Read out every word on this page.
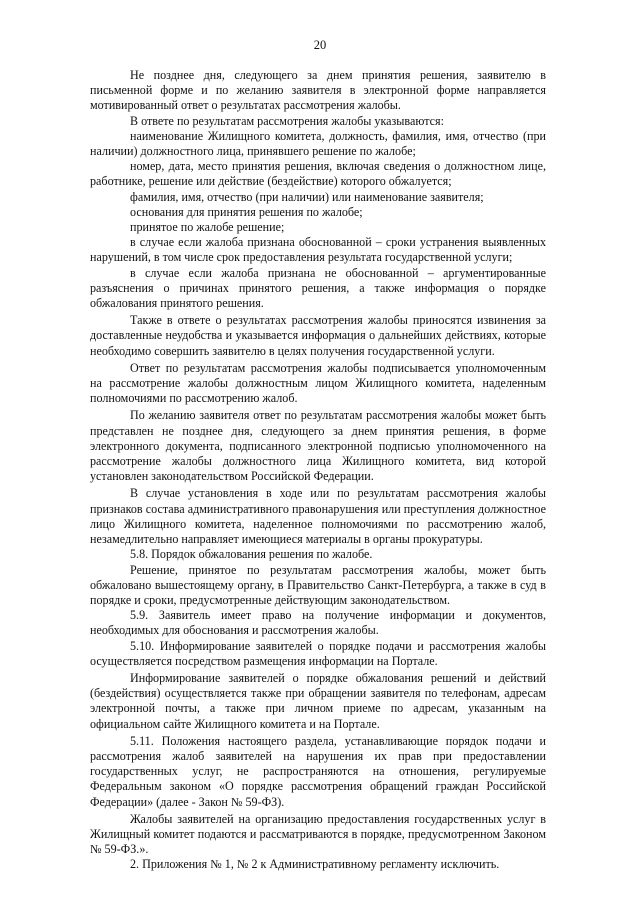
20

Не позднее дня, следующего за днем принятия решения, заявителю в письменной форме и по желанию заявителя в электронной форме направляется мотивированный ответ о результатах рассмотрения жалобы.

В ответе по результатам рассмотрения жалобы указываются:

наименование Жилищного комитета, должность, фамилия, имя, отчество (при наличии) должностного лица, принявшего решение по жалобе;

номер, дата, место принятия решения, включая сведения о должностном лице, работнике, решение или действие (бездействие) которого обжалуется;

фамилия, имя, отчество (при наличии) или наименование заявителя;

основания для принятия решения по жалобе;

принятое по жалобе решение;

в случае если жалоба признана обоснованной – сроки устранения выявленных нарушений, в том числе срок предоставления результата государственной услуги;

в случае если жалоба признана не обоснованной – аргументированные разъяснения о причинах принятого решения, а также информация о порядке обжалования принятого решения.

Также в ответе о результатах рассмотрения жалобы приносятся извинения за доставленные неудобства и указывается информация о дальнейших действиях, которые необходимо совершить заявителю в целях получения государственной услуги.

Ответ по результатам рассмотрения жалобы подписывается уполномоченным на рассмотрение жалобы должностным лицом Жилищного комитета, наделенным полномочиями по рассмотрению жалоб.

По желанию заявителя ответ по результатам рассмотрения жалобы может быть представлен не позднее дня, следующего за днем принятия решения, в форме электронного документа, подписанного электронной подписью уполномоченного на рассмотрение жалобы должностного лица Жилищного комитета, вид которой установлен законодательством Российской Федерации.

В случае установления в ходе или по результатам рассмотрения жалобы признаков состава административного правонарушения или преступления должностное лицо Жилищного комитета, наделенное полномочиями по рассмотрению жалоб, незамедлительно направляет имеющиеся материалы в органы прокуратуры.

5.8. Порядок обжалования решения по жалобе.

Решение, принятое по результатам рассмотрения жалобы, может быть обжаловано вышестоящему органу, в Правительство Санкт-Петербурга, а также в суд в порядке и сроки, предусмотренные действующим законодательством.

5.9. Заявитель имеет право на получение информации и документов, необходимых для обоснования и рассмотрения жалобы.

5.10. Информирование заявителей о порядке подачи и рассмотрения жалобы осуществляется посредством размещения информации на Портале.

Информирование заявителей о порядке обжалования решений и действий (бездействия) осуществляется также при обращении заявителя по телефонам, адресам электронной почты, а также при личном приеме по адресам, указанным на официальном сайте Жилищного комитета и на Портале.

5.11. Положения настоящего раздела, устанавливающие порядок подачи и рассмотрения жалоб заявителей на нарушения их прав при предоставлении государственных услуг, не распространяются на отношения, регулируемые Федеральным законом «О порядке рассмотрения обращений граждан Российской Федерации» (далее - Закон № 59-ФЗ).

Жалобы заявителей на организацию предоставления государственных услуг в Жилищный комитет подаются и рассматриваются в порядке, предусмотренном Законом № 59-ФЗ.».

2. Приложения № 1, № 2 к Административному регламенту исключить.
